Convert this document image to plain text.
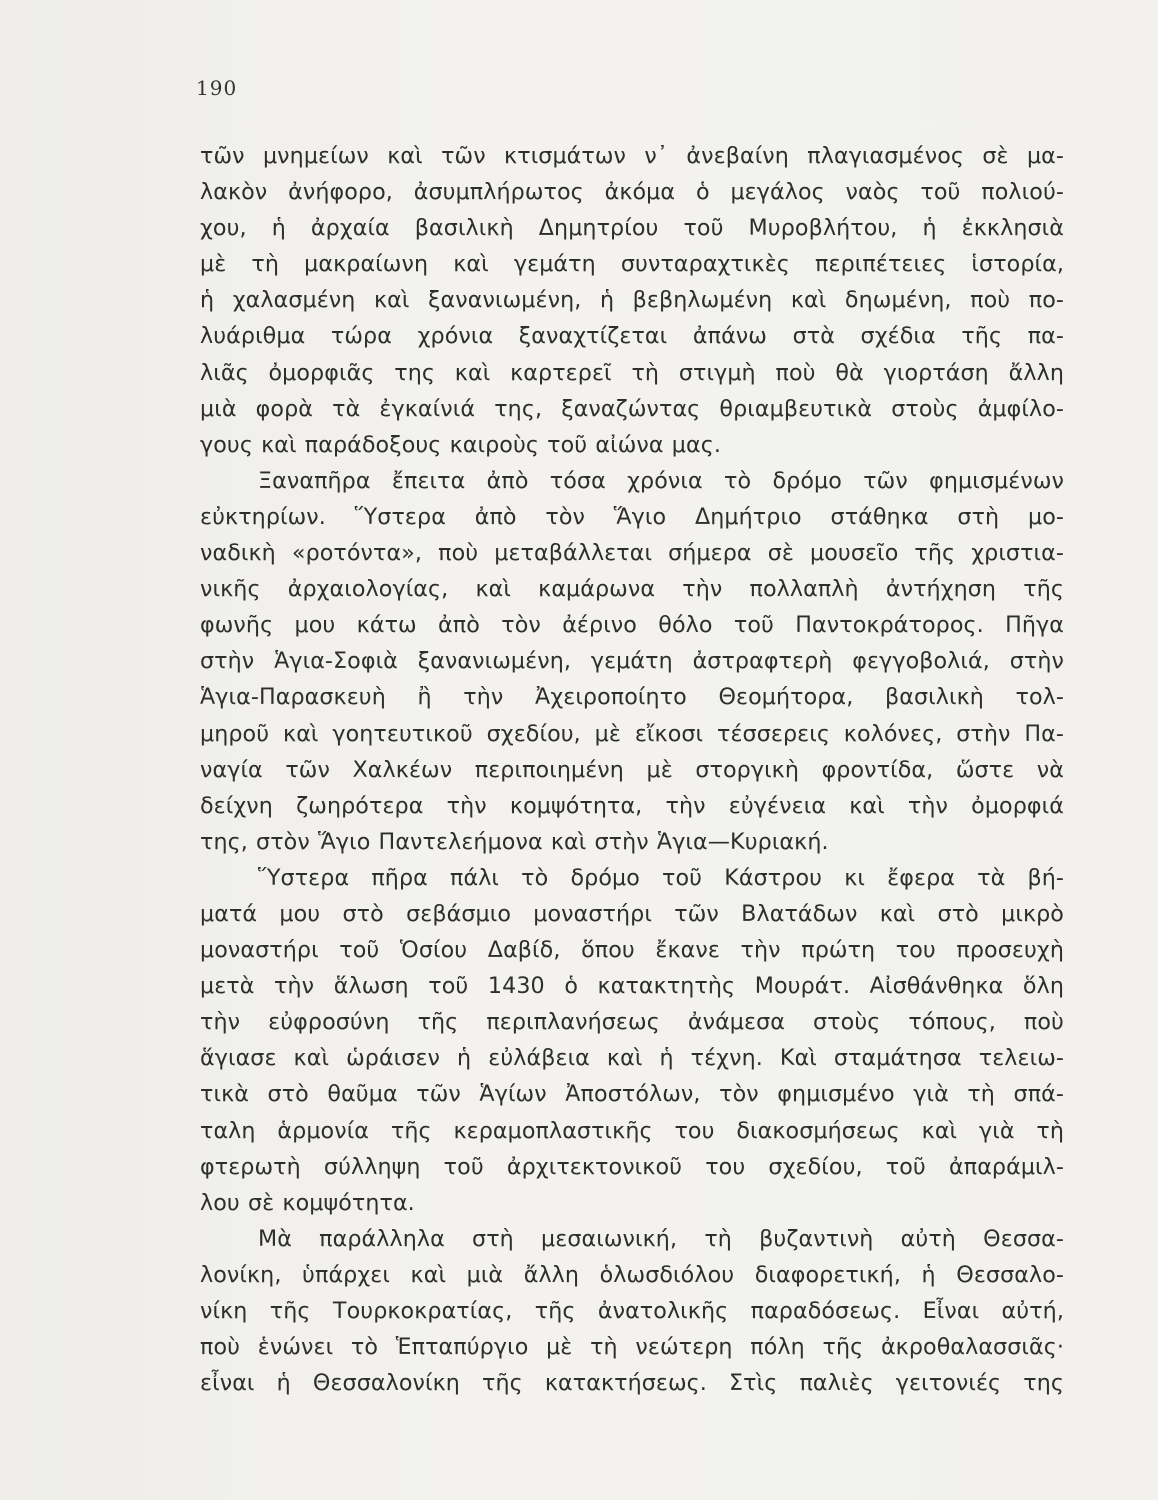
190

τῶν μνημείων καὶ τῶν κτισμάτων ν᾽ ἀνεβαίνη πλαγιασμένος σὲ μα-
λακὸν ἀνήφορο, ἀσυμπλήρωτος ἀκόμα ὁ μεγάλος ναὸς τοῦ πολιού-
χου, ἡ ἀρχαία βασιλικὴ Δημητρίου τοῦ Μυροβλήτου, ἡ ἐκκλησιὰ
μὲ τὴ μακραίωνη καὶ γεμάτη συνταραχτικὲς περιπέτειες ἱστορία,
ἡ χαλασμένη καὶ ξανανιωμένη, ἡ βεβηλωμένη καὶ δηωμένη, ποὺ πο-
λυάριθμα τώρα χρόνια ξαναχτίζεται ἀπάνω στὰ σχέδια τῆς πα-
λιᾶς ὀμορφιᾶς της καὶ καρτερεῖ τὴ στιγμὴ ποὺ θὰ γιορτάση ἄλλη
μιὰ φορὰ τὰ ἐγκαίνιά της, ξαναζώντας θριαμβευτικὰ στοὺς ἀμφίλο-
γους καὶ παράδοξους καιροὺς τοῦ αἰώνα μας.

Ξαναπῆρα ἔπειτα ἀπὸ τόσα χρόνια τὸ δρόμο τῶν φημισμένων
εὐκτηρίων. Ὕστερα ἀπὸ τὸν Ἅγιο Δημήτριο στάθηκα στὴ μο-
ναδικὴ «ροτόντα», ποὺ μεταβάλλεται σήμερα σὲ μουσεῖο τῆς χριστια-
νικῆς ἀρχαιολογίας, καὶ καμάρωνα τὴν πολλαπλὴ ἀντήχηση τῆς
φωνῆς μου κάτω ἀπὸ τὸν ἀέρινο θόλο τοῦ Παντοκράτορος. Πῆγα
στὴν Ἁγια-Σοφιὰ ξανανιωμένη, γεμάτη ἀστραφτερὴ φεγγοβολιά, στὴν
Ἁγια-Παρασκευὴ ἢ τὴν Ἀχειροποίητο Θεομήτορα, βασιλικὴ τολ-
μηροῦ καὶ γοητευτικοῦ σχεδίου, μὲ εἴκοσι τέσσερεις κολόνες, στὴν Πα-
ναγία τῶν Χαλκέων περιποιημένη μὲ στοργικὴ φροντίδα, ὥστε νὰ
δείχνη ζωηρότερα τὴν κομψότητα, τὴν εὐγένεια καὶ τὴν ὀμορφιά
της, στὸν Ἅγιο Παντελεήμονα καὶ στὴν Ἁγια—Κυριακή.

Ὕστερα πῆρα πάλι τὸ δρόμο τοῦ Κάστρου κι ἔφερα τὰ βή-
ματά μου στὸ σεβάσμιο μοναστήρι τῶν Βλατάδων καὶ στὸ μικρὸ
μοναστήρι τοῦ Ὁσίου Δαβίδ, ὅπου ἔκανε τὴν πρώτη του προσευχὴ
μετὰ τὴν ἅλωση τοῦ 1430 ὁ κατακτητὴς Μουράτ. Αἰσθάνθηκα ὅλη
τὴν εὐφροσύνη τῆς περιπλανήσεως ἀνάμεσα στοὺς τόπους, ποὺ
ἅγιασε καὶ ὡράισεν ἡ εὐλάβεια καὶ ἡ τέχνη. Καὶ σταμάτησα τελειω-
τικὰ στὸ θαῦμα τῶν Ἁγίων Ἀποστόλων, τὸν φημισμένο γιὰ τὴ σπά-
ταλη ἁρμονία τῆς κεραμοπλαστικῆς του διακοσμήσεως καὶ γιὰ τὴ
φτερωτὴ σύλληψη τοῦ ἀρχιτεκτονικοῦ του σχεδίου, τοῦ ἀπαράμιλ-
λου σὲ κομψότητα.

Μὰ παράλληλα στὴ μεσαιωνική, τὴ βυζαντινὴ αὐτὴ Θεσσα-
λονίκη, ὑπάρχει καὶ μιὰ ἄλλη ὁλωσδιόλου διαφορετική, ἡ Θεσσαλο-
νίκη τῆς Τουρκοκρατίας, τῆς ἀνατολικῆς παραδόσεως. Εἶναι αὐτή,
ποὺ ἑνώνει τὸ Ἑπταπύργιο μὲ τὴ νεώτερη πόλη τῆς ἀκροθαλασσιᾶς·
εἶναι ἡ Θεσσαλονίκη τῆς κατακτήσεως. Στὶς παλιὲς γειτονιές της
